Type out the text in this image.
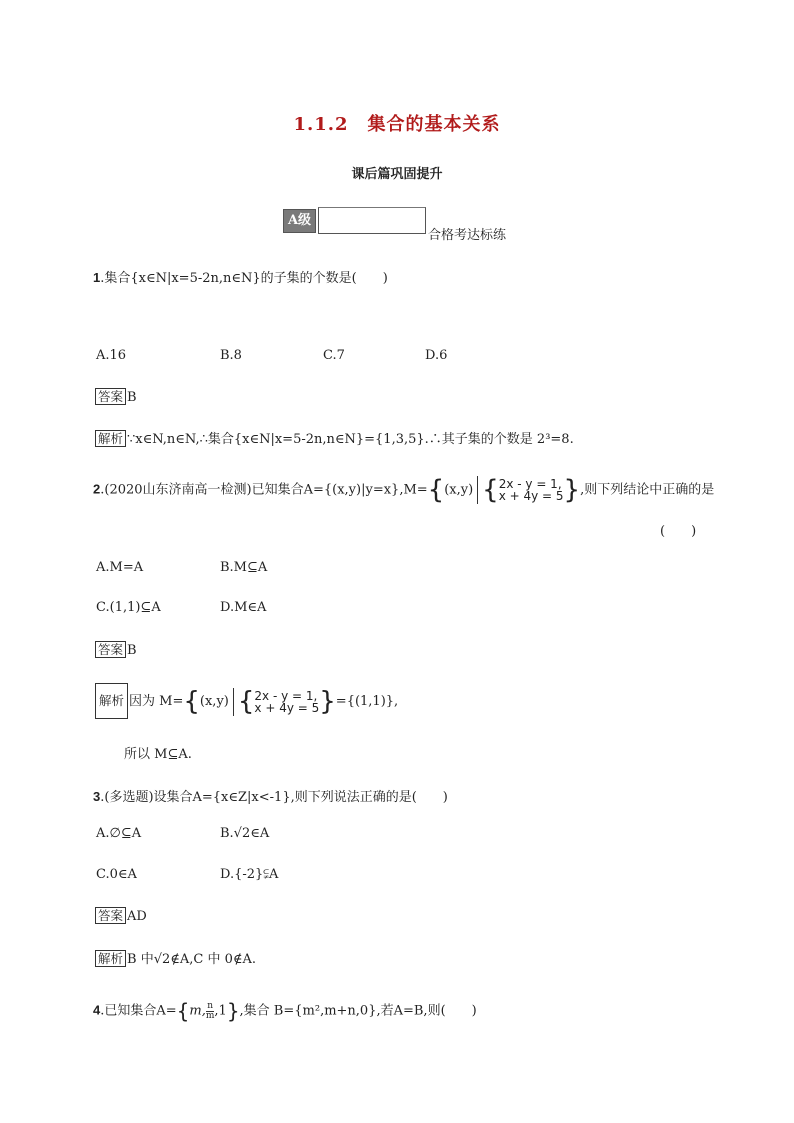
1.1.2　集合的基本关系
课后篇巩固提升
A级
合格考达标练
1.集合{x∈N|x=5-2n,n∈N}的子集的个数是(　　)
A.16	B.8	C.7	D.6
答案 B
解析 ∵x∈N,n∈N,∴集合{x∈N|x=5-2n,n∈N}={1,3,5}.∴其子集的个数是 2³=8.
2.(2020山东济南高一检测)已知集合A={(x,y)|y=x},M={(x,y) { 2x - y = 1,
x + 4y = 5 },则下列结论中正确的是
(　　)
A.M=A	B.M⊆A
C.(1,1)⊆A	D.M∈A
答案 B
解析 因为 M={(x,y) { 2x - y = 1,
x + 4y = 5 }={(1,1)},
所以 M⊆A.
3.(多选题)设集合A={x∈Z|x<-1},则下列说法正确的是(　　)
A.∅⊆A	B.√2∈A
C.0∈A	D.{-2}⫋A
答案 AD
解析 B 中√2∉A,C 中 0∉A.
4.已知集合A={m, $\frac{n}{m} ,1$},集合 B={m²,m+n,0},若A=B,则(　　)
